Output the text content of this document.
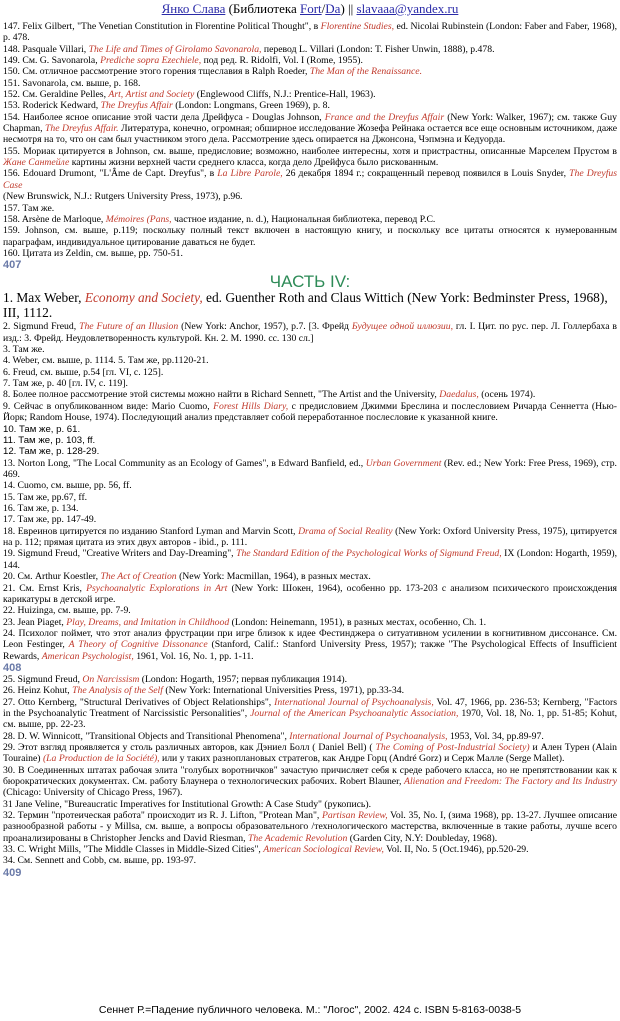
Янко Слава (Библиотека Fort/Da) || slavaaa@yandex.ru
147. Felix Gilbert, "The Venetian Constitution in Florentine Political Thought", в Florentine Studies, ed. Nicolai Rubinstein (London: Faber and Faber, 1968), p. 478.
148. Pasquale Villari, The Life and Times of Girolamo Savonarola, перевод L. Villari (London: T. Fisher Unwin, 1888), p.478.
149. См. G. Savonarola, Prediche sopra Ezechiele, под ред. R. Ridolfi, Vol. I (Rome, 1955).
150. См. отличное рассмотрение этого горения тщеславия в Ralph Roeder, The Man of the Renaissance.
151. Savonarola, см. выше, p. 168.
152. См. Geraldine Pelles, Art, Artist and Society (Englewood Cliffs, N.J.: Prentice-Hall, 1963).
153. Roderick Kedward, The Dreyfus Affair (London: Longmans, Green 1969), p. 8.
154. Наиболее ясное описание этой части дела Дрейфуса - Douglas Johnson, France and the Dreyfus Affair (New York: Walker, 1967); см. также Guy Chapman, The Dreyfus Affair. Литература, конечно, огромная; обширное исследование Жозефа Рейнака остается все еще основным источником, даже несмотря на то, что он сам был участником этого дела. Рассмотрение здесь опирается на Джонсона, Чэпмэна и Кедуорда.
155. Мориак цитируется в Johnson, см. выше, предисловие; возможно, наиболее интересны, хотя и пристрастны, описанные Марселем Прустом в Жане Сантейле картины жизни верхней части среднего класса, когда дело Дрейфуса было рискованным.
156. Edouard Drumont, "L'Âme de Capt. Dreyfus", в La Libre Parole, 26 декабря 1894 г.; сокращенный перевод появился в Louis Snyder, The Dreyfus Case
(New Brunswick, N.J.: Rutgers University Press, 1973), p.96.
157. Там же.
158. Arsène de Marloque, Mémoires (Pans, частное издание, n. d.), Национальная библиотека, перевод P.C.
159. Johnson, см. выше, p.119; поскольку полный текст включен в настоящую книгу, и поскольку все цитаты относятся к нумерованным параграфам, индивидуальное цитирование даваться не будет.
160. Цитата из Zeldin, см. выше, pp. 750-51.
407
ЧАСТЬ IV:
1. Max Weber, Economy and Society, ed. Guenther Roth and Claus Wittich (New York: Bedminster Press, 1968), III, 1112.
2. Sigmund Freud, The Future of an Illusion (New York: Anchor, 1957), p.7. [3. Фрейд Будущее одной иллюзии, гл. I. Цит. по рус. пер. Л. Голлербаха в изд.: 3. Фрейд. Неудовлетворенность культурой. Кн. 2. М. 1990. сс. 130 сл.]
3. Там же.
4. Weber, см. выше, p. 1114. 5. Там же, pp.1120-21.
6. Freud, см. выше, p.54 [гл. VI, с. 125].
7. Там же, p. 40 [гл. IV, с. 119].
8. Более полное рассмотрение этой системы можно найти в Richard Sennett, "The Artist and the University, Daedalus, (осень 1974).
9. Сейчас в опубликованном виде: Mario Cuomo, Forest Hills Diary, с предисловием Джимми Бреслина и послесловием Ричарда Сеннетта (Нью-Йорк; Random House, 1974). Последующий анализ представляет собой переработанное послесловие к указанной книге.
10. Там же, p. 61.
11. Там же, p. 103, ff.
12. Там же, p. 128-29.
13. Norton Long, "The Local Community as an Ecology of Games", в Edward Banfield, ed., Urban Government (Rev. ed.; New York: Free Press, 1969), стр. 469.
14. Cuomo, см. выше, pp. 56, ff.
15. Там же, pp.67, ff.
16. Там же, p. 134.
17. Там же, pp. 147-49.
18. Евреинов цитируется по изданию Stanford Lyman and Marvin Scott, Drama of Social Reality (New York: Oxford University Press, 1975), цитируется на p. 112; прямая цитата из этих двух авторов - ibid., p. 111.
19. Sigmund Freud, "Creative Writers and Day-Dreaming", The Standard Edition of the Psychological Works of Sigmund Freud, IX (London: Hogarth, 1959), 144.
20. См. Arthur Koestler, The Act of Creation (New York: Macmillan, 1964), в разных местах.
21. См. Ernst Kris, Psychoanalytic Explorations in Art (New York: Шокен, 1964), особенно pp. 173-203 с анализом психического происхождения карикатуры в детской игре.
22. Huizinga, см. выше, pp. 7-9.
23. Jean Piaget, Play, Dreams, and Imitation in Childhood (London: Heinemann, 1951), в разных местах, особенно, Ch. 1.
24. Психолог поймет, что этот анализ фрустрации при игре близок к идее Фестинджера о ситуативном усилении в когнитивном диссонансе. См. Leon Festinger, A Theory of Cognitive Dissonance (Stanford, Calif.: Stanford University Press, 1957); также "The Psychological Effects of Insufficient Rewards, American Psychologist, 1961, Vol. 16, No. 1, pp. 1-11.
408
25. Sigmund Freud, On Narcissism (London: Hogarth, 1957; первая публикация 1914).
26. Heinz Kohut, The Analysis of the Self (New York: International Universities Press, 1971), pp.33-34.
27. Otto Kernberg, "Structural Derivatives of Object Relationships", International Journal of Psychoanalysis, Vol. 47, 1966, pp. 236-53; Kernberg, "Factors in the Psychoanalytic Treatment of Narcissistic Personalities", Journal of the American Psychoanalytic Association, 1970, Vol. 18, No. 1, pp. 51-85; Kohut, см. выше, pp. 22-23.
28. D. W. Winnicott, "Transitional Objects and Transitional Phenomena", International Journal of Psychoanalysis, 1953, Vol. 34, pp.89-97.
29. Этот взгляд проявляется у столь различных авторов, как Дэниел Болл ( Daniel Bell) ( The Coming of Post-Industrial Society) и Ален Турен (Alain Touraine) (La Production de la Société), или у таких разноплановых стратегов, как Андре Горц (André Gorz) и Серж Малле (Serge Mallet).
30. В Соединенных штатах рабочая элита "голубых воротничков" зачастую причисляет себя к среде рабочего класса, но не препятствовании как к бюрократических документах. См. работу Блаунера о технологических рабочих. Robert Blauner, Alienation and Freedom: The Factory and Its Industry (Chicago: University of Chicago Press, 1967).
31 Jane Veline, "Bureaucratic Imperatives for Institutional Growth: A Case Study" (рукопись).
32. Термин "протеическая работа" происходит из R. J. Lifton, "Protean Man", Partisan Review, Vol. 35, No. I, (зима 1968), pp. 13-27. Лучшее описание разнообразной работы - у Millsa, см. выше, а вопросы образовательного /технологического мастерства, включенные в такие работы, лучше всего проанализированы в Christopher Jencks and David Riesman, The Academic Revolution (Garden City, N.Y: Doubleday, 1968).
33. C. Wright Mills, "The Middle Classes in Middle-Sized Cities", American Sociological Review, Vol. II, No. 5 (Oct.1946), pp.520-29.
34. См. Sennett and Cobb, см. выше, pp. 193-97.
409
Сеннет Р.=Падение публичного человека. М.: "Логос", 2002. 424 с. ISBN 5-8163-0038-5
